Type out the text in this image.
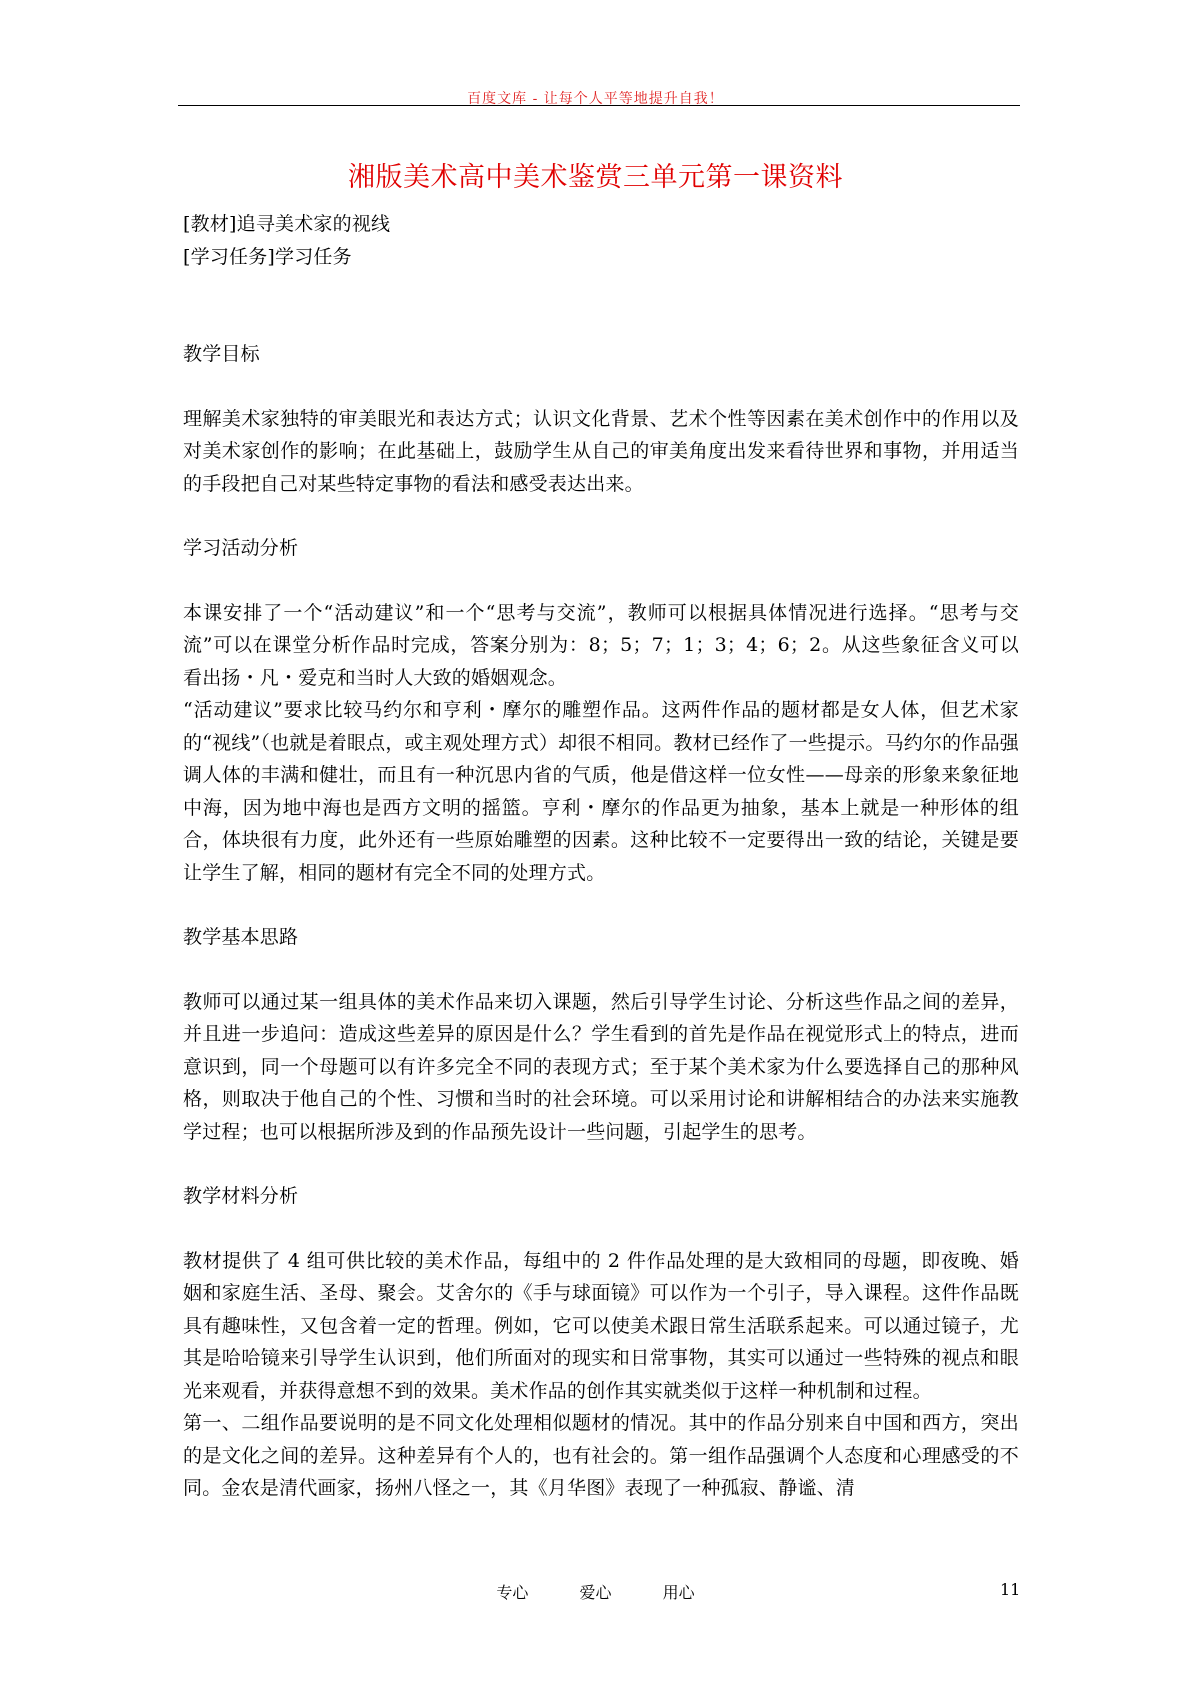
百度文库 - 让每个人平等地提升自我！
湘版美术高中美术鉴赏三单元第一课资料

[教材]追寻美术家的视线

[学习任务]学习任务

教学目标

理解美术家独特的审美眼光和表达方式；认识文化背景、艺术个性等因素在美术创作中的作用以及对美术家创作的影响；在此基础上，鼓励学生从自己的审美角度出发来看待世界和事物，并用适当的手段把自己对某些特定事物的看法和感受表达出来。

学习活动分析

本课安排了一个“活动建议”和一个“思考与交流”，教师可以根据具体情况进行选择。“思考与交流”可以在课堂分析作品时完成，答案分别为：8；5；7；1；3；4；6；2。从这些象征含义可以看出扬・凡・爱克和当时人大致的婚姻观念。

“活动建议”要求比较马约尔和亨利・摩尔的雕塑作品。这两件作品的题材都是女人体，但艺术家的“视线”（也就是着眼点，或主观处理方式）却很不相同。教材已经作了一些提示。马约尔的作品强调人体的丰满和健壮，而且有一种沉思内省的气质，他是借这样一位女性——母亲的形象来象征地中海，因为地中海也是西方文明的摇篮。亨利・摩尔的作品更为抽象，基本上就是一种形体的组合，体块很有力度，此外还有一些原始雕塑的因素。这种比较不一定要得出一致的结论，关键是要让学生了解，相同的题材有完全不同的处理方式。

教学基本思路

教师可以通过某一组具体的美术作品来切入课题，然后引导学生讨论、分析这些作品之间的差异，并且进一步追问：造成这些差异的原因是什么？学生看到的首先是作品在视觉形式上的特点，进而意识到，同一个母题可以有许多完全不同的表现方式；至于某个美术家为什么要选择自己的那种风格，则取决于他自己的个性、习惯和当时的社会环境。可以采用讨论和讲解相结合的办法来实施教学过程；也可以根据所涉及到的作品预先设计一些问题，引起学生的思考。

教学材料分析

教材提供了 4 组可供比较的美术作品，每组中的 2 件作品处理的是大致相同的母题，即夜晚、婚姻和家庭生活、圣母、聚会。艾舍尔的《手与球面镜》可以作为一个引子，导入课程。这件作品既具有趣味性，又包含着一定的哲理。例如，它可以使美术跟日常生活联系起来。可以通过镜子，尤其是哈哈镜来引导学生认识到，他们所面对的现实和日常事物，其实可以通过一些特殊的视点和眼光来观看，并获得意想不到的效果。美术作品的创作其实就类似于这样一种机制和过程。

第一、二组作品要说明的是不同文化处理相似题材的情况。其中的作品分别来自中国和西方，突出的是文化之间的差异。这种差异有个人的，也有社会的。第一组作品强调个人态度和心理感受的不同。金农是清代画家，扬州八怪之一，其《月华图》表现了一种孤寂、静谧、清

专心	爱心	用心	11
